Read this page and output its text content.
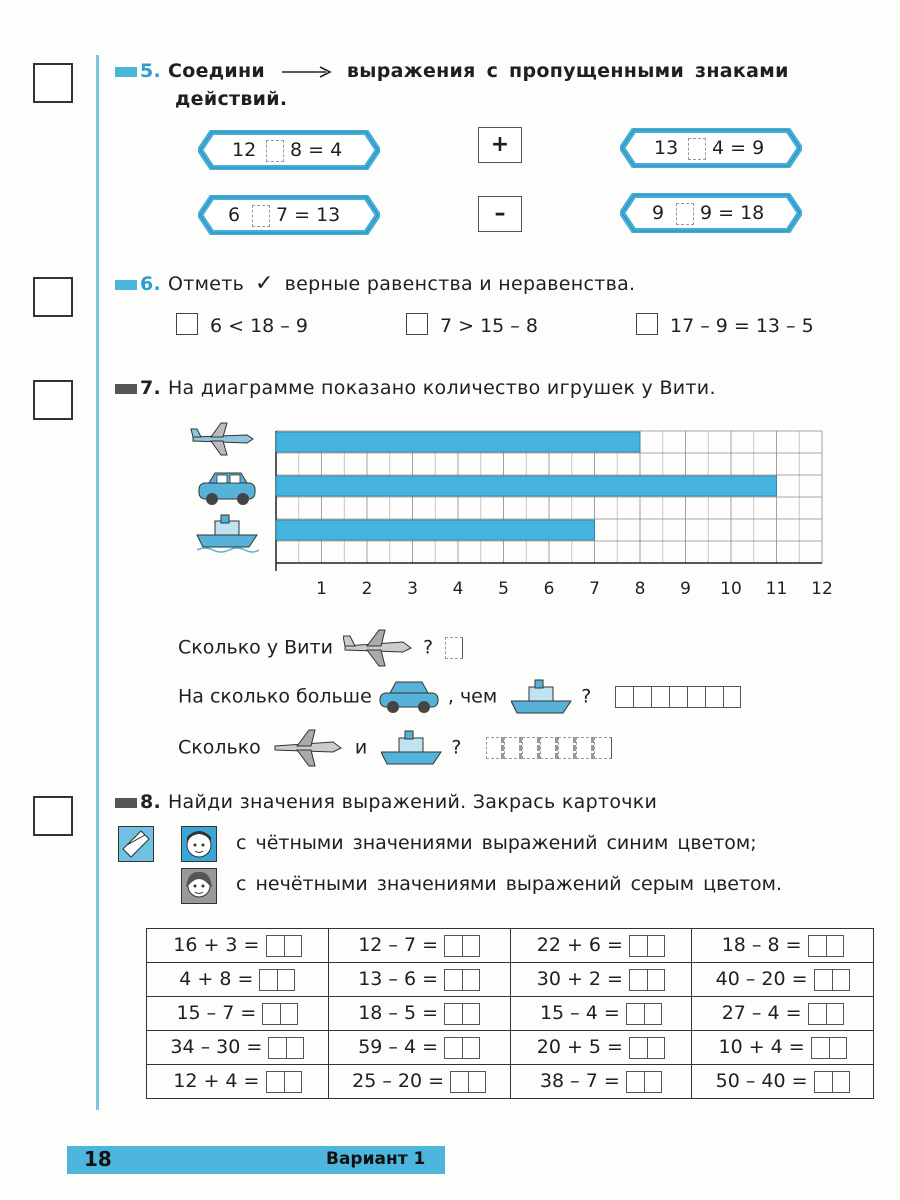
5. Соедини	выражения с пропущенными знаками
действий.
12 8 = 4
6 7 = 13
13 4 = 9
9 9 = 18
+
–
6. Отметь ✓ верные равенства и неравенства.
6 < 18 – 9	7 > 15 – 8	17 – 9 = 13 – 5
7. На диаграмме показано количество игрушек у Вити.
1 2 3 4 5 6 7 8 9 10 11 12
Сколько у Вити	?
На сколько больше	, чем	?
Сколько	и	?
8. Найди значения выражений. Закрась карточки
с чётными значениями выражений синим цветом;
с нечётными значениями выражений серым цветом.
16 + 3 =	12 – 7 =	22 + 6 =	18 – 8 =

4 + 8 =	13 – 6 =	30 + 2 =	40 – 20 =

15 – 7 =	18 – 5 =	15 – 4 =	27 – 4 =

34 – 30 =	59 – 4 =	20 + 5 =	10 + 4 =

12 + 4 =	25 – 20 =	38 – 7 =	50 – 40 =
18	Вариант 1
